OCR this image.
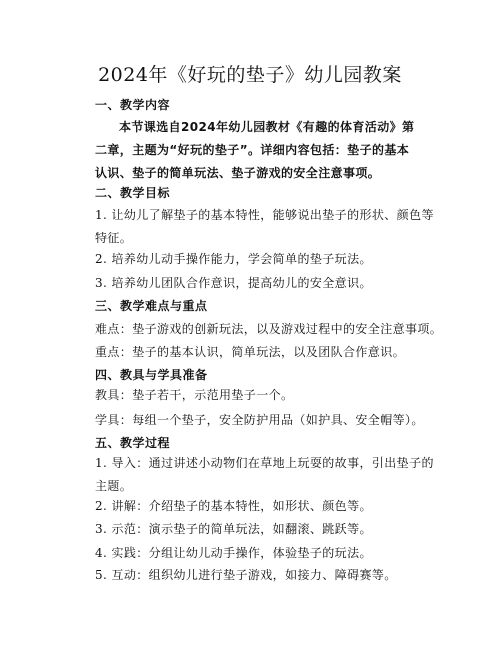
2024年《好玩的垫子》幼儿园教案
一、教学内容
本节课选自2024年幼儿园教材《有趣的体育活动》第二章，主题为“好玩的垫子”。详细内容包括：垫子的基本认识、垫子的简单玩法、垫子游戏的安全注意事项。
二、教学目标
1. 让幼儿了解垫子的基本特性，能够说出垫子的形状、颜色等特征。
2. 培养幼儿动手操作能力，学会简单的垫子玩法。
3. 培养幼儿团队合作意识，提高幼儿的安全意识。
三、教学难点与重点
难点：垫子游戏的创新玩法，以及游戏过程中的安全注意事项。
重点：垫子的基本认识，简单玩法，以及团队合作意识。
四、教具与学具准备
教具：垫子若干，示范用垫子一个。
学具：每组一个垫子，安全防护用品（如护具、安全帽等）。
五、教学过程
1. 导入：通过讲述小动物们在草地上玩耍的故事，引出垫子的主题。
2. 讲解：介绍垫子的基本特性，如形状、颜色等。
3. 示范：演示垫子的简单玩法，如翻滚、跳跃等。
4. 实践：分组让幼儿动手操作，体验垫子的玩法。
5. 互动：组织幼儿进行垫子游戏，如接力、障碍赛等。
